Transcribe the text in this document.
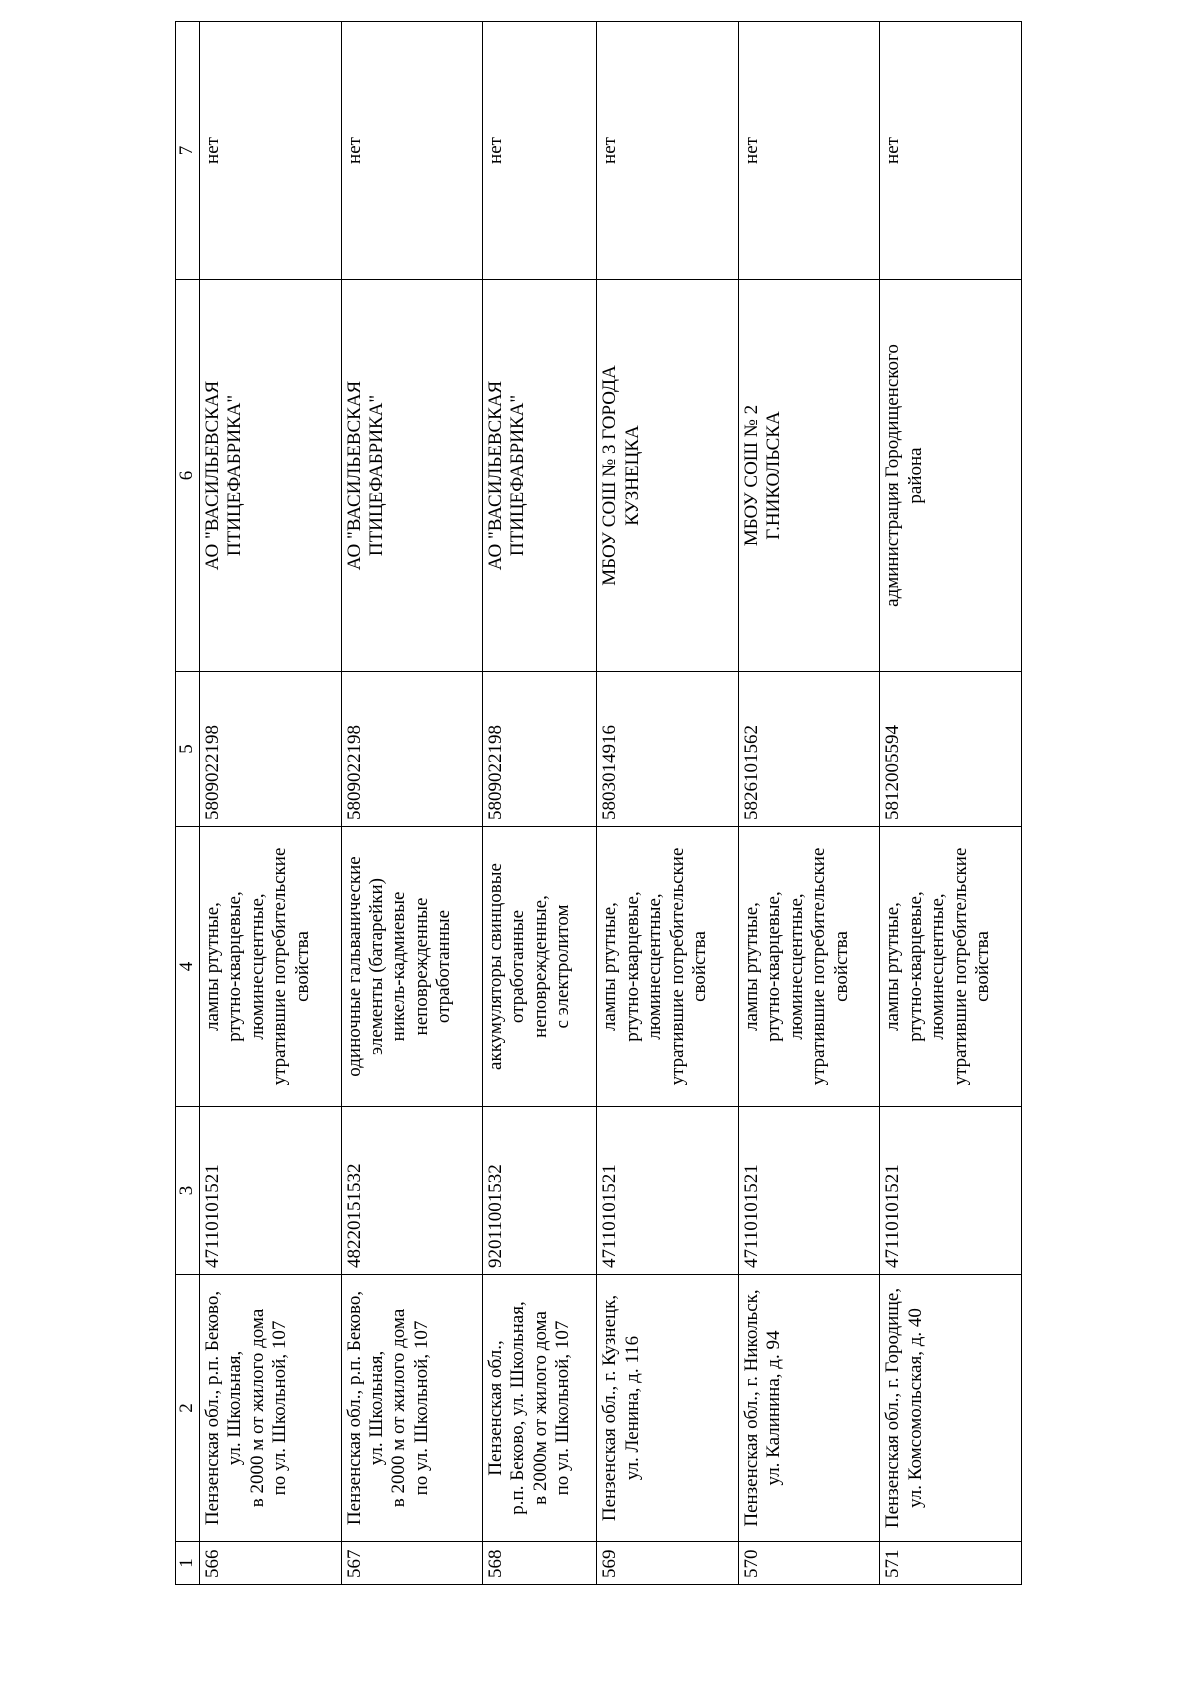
1	2	3	4	5	6	7
566	Пензенская обл., р.п. Беково,
ул. Школьная,
в 2000 м от жилого дома
по ул. Школьной, 107	47110101521	лампы ртутные,
ртутно-кварцевые,
люминесцентные,
утратившие потребительские
свойства	5809022198	АО "ВАСИЛЬЕВСКАЯ
ПТИЦЕФАБРИКА"	нет
567	Пензенская обл., р.п. Беково,
ул. Школьная,
в 2000 м от жилого дома
по ул. Школьной, 107	48220151532	одиночные гальванические
элементы (батарейки)
никель-кадмиевые
неповрежденные
отработанные	5809022198	АО "ВАСИЛЬЕВСКАЯ
ПТИЦЕФАБРИКА"	нет
568	Пензенская обл.,
р.п. Беково, ул. Школьная,
в 2000м от жилого дома
по ул. Школьной, 107	92011001532	аккумуляторы свинцовые
отработанные
неповрежденные,
с электролитом	5809022198	АО "ВАСИЛЬЕВСКАЯ
ПТИЦЕФАБРИКА"	нет
569	Пензенская обл., г. Кузнецк,
ул. Ленина, д. 116	47110101521	лампы ртутные,
ртутно-кварцевые,
люминесцентные,
утратившие потребительские
свойства	5803014916	МБОУ СОШ № 3 ГОРОДА
КУЗНЕЦКА	нет
570	Пензенская обл., г. Никольск,
ул. Калинина, д. 94	47110101521	лампы ртутные,
ртутно-кварцевые,
люминесцентные,
утратившие потребительские
свойства	5826101562	МБОУ СОШ № 2
Г.НИКОЛЬСКА	нет
571	Пензенская обл., г. Городище,
ул. Комсомольская, д. 40	47110101521	лампы ртутные,
ртутно-кварцевые,
люминесцентные,
утратившие потребительские
свойства	5812005594	администрация Городищенского
района	нет
